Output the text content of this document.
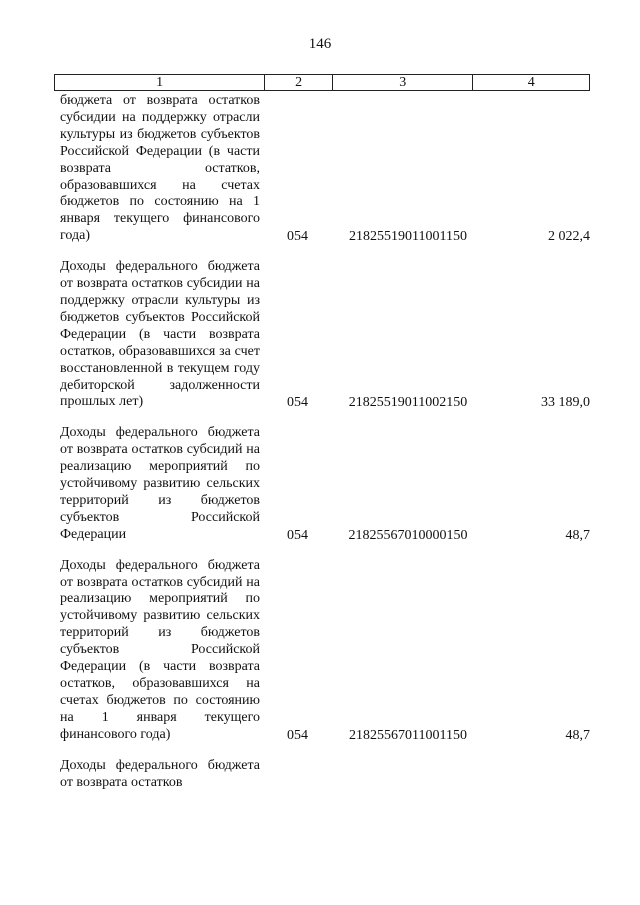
146
1	2	3	4
бюджета от возврата остатков субсидии на поддержку отрасли культуры из бюджетов субъектов Российской Федерации (в части возврата остатков, образовавшихся на счетах бюджетов по состоянию на 1 января текущего финансового года)	054	21825519011001150	2 022,4
Доходы федерального бюджета от возврата остатков субсидии на поддержку отрасли культуры из бюджетов субъектов Российской Федерации (в части возврата остатков, образовавшихся за счет восстановленной в текущем году дебиторской задолженности прошлых лет)	054	21825519011002150	33 189,0
Доходы федерального бюджета от возврата остатков субсидий на реализацию мероприятий по устойчивому развитию сельских территорий из бюджетов субъектов Российской Федерации	054	21825567010000150	48,7
Доходы федерального бюджета от возврата остатков субсидий на реализацию мероприятий по устойчивому развитию сельских территорий из бюджетов субъектов Российской Федерации (в части возврата остатков, образовавшихся на счетах бюджетов по состоянию на 1 января текущего финансового года)	054	21825567011001150	48,7
Доходы федерального бюджета от возврата остатков
